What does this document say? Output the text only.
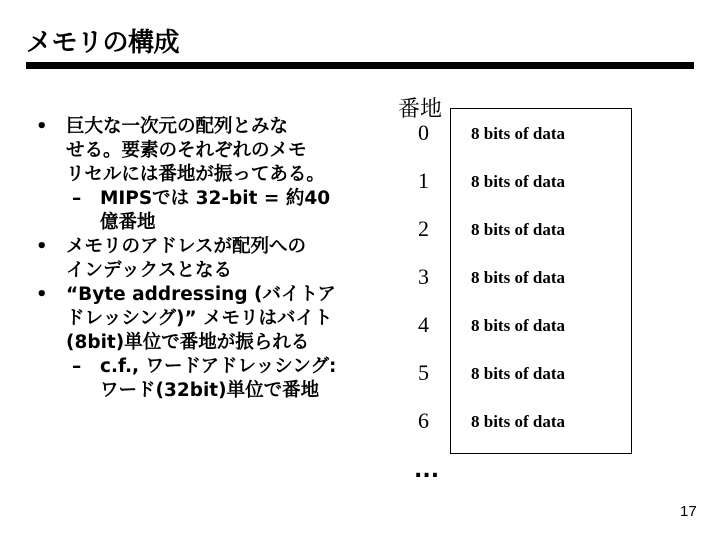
メモリの構成
• 巨大な一次元の配列とみな
せる。要素のそれぞれのメモ
リセルには番地が振ってある。
– MIPSでは 32-bit = 約40
億番地
• メモリのアドレスが配列への
インデックスとなる
• “Byte addressing (バイトア
ドレッシング)” メモリはバイト
(8bit)単位で番地が振られる
– c.f., ワードアドレッシング:
ワード(32bit)単位で番地
番地
0
1
2
3
4
5
6
8 bits of data
8 bits of data
8 bits of data
8 bits of data
8 bits of data
8 bits of data
8 bits of data
...
17
